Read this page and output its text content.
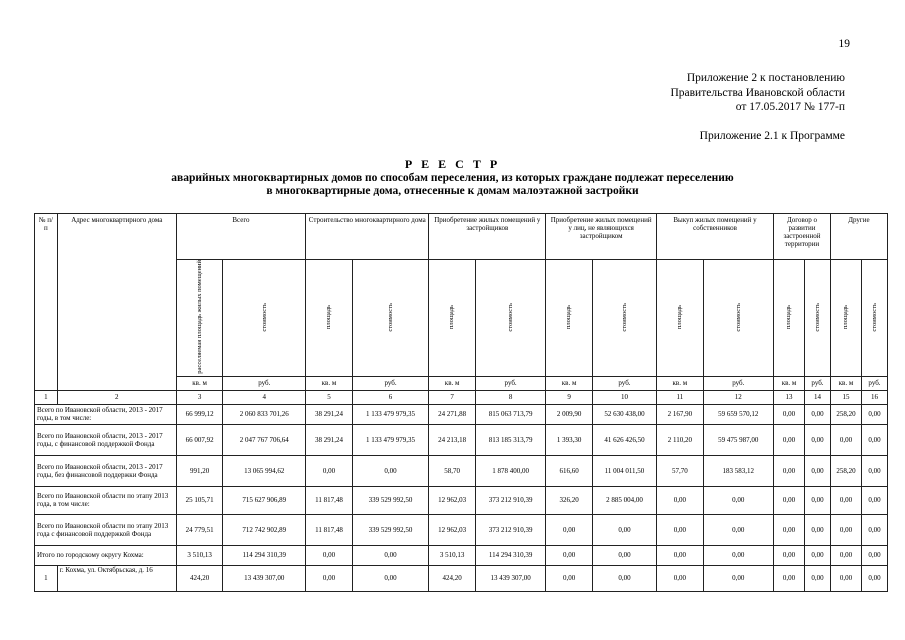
19
Приложение 2 к постановлению
Правительства Ивановской области
от 17.05.2017 № 177-п
Приложение 2.1 к Программе
Р Е Е С Т Р
аварийных многоквартирных домов по способам переселения, из которых граждане подлежат переселению
в многоквартирные дома, отнесенные к домам малоэтажной застройки
№ п/п	Адрес многоквартирного дома	Всего		Строительство многоквартирного дома		Приобретение жилых помещений у застройщиков		Приобретение жилых помещений у лиц, не являющихся застройщиком		Выкуп жилых помещений у собственников		Договор о развитии застроенной территории		Другие	
		расселяемая площадь жилых помещений	стоимость	площадь	стоимость	площадь	стоимость	площадь	стоимость	площадь	стоимость	площадь	стоимость	площадь	стоимость
		кв. м	руб.	кв. м	руб.	кв. м	руб.	кв. м	руб.	кв. м	руб.	кв. м	руб.	кв. м	руб.
1	2	3	4	5	6	7	8	9	10	11	12	13	14	15	16
Всего по Ивановской области, 2013 - 2017 годы, в том числе:		66 999,12	2 060 833 701,26	38 291,24	1 133 479 979,35	24 271,88	815 063 713,79	2 009,90	52 630 438,00	2 167,90	59 659 570,12	0,00	0,00	258,20	0,00
Всего по Ивановской области, 2013 - 2017 годы, с финансовой поддержкой Фонда		66 007,92	2 047 767 706,64	38 291,24	1 133 479 979,35	24 213,18	813 185 313,79	1 393,30	41 626 426,50	2 110,20	59 475 987,00	0,00	0,00	0,00	0,00
Всего по Ивановской области, 2013 - 2017 годы, без финансовой поддержки Фонда		991,20	13 065 994,62	0,00	0,00	58,70	1 878 400,00	616,60	11 004 011,50	57,70	183 583,12	0,00	0,00	258,20	0,00
Всего по Ивановской области по этапу 2013 года, в том числе:		25 105,71	715 627 906,89	11 817,48	339 529 992,50	12 962,03	373 212 910,39	326,20	2 885 004,00	0,00	0,00	0,00	0,00	0,00	0,00
Всего по Ивановской области по этапу 2013 года с финансовой поддержкой Фонда		24 779,51	712 742 902,89	11 817,48	339 529 992,50	12 962,03	373 212 910,39	0,00	0,00	0,00	0,00	0,00	0,00	0,00	0,00
Итого по городскому округу Кохма:		3 510,13	114 294 310,39	0,00	0,00	3 510,13	114 294 310,39	0,00	0,00	0,00	0,00	0,00	0,00	0,00	0,00
1	г. Кохма, ул. Октябрьская, д. 16	424,20	13 439 307,00	0,00	0,00	424,20	13 439 307,00	0,00	0,00	0,00	0,00	0,00	0,00	0,00	0,00
